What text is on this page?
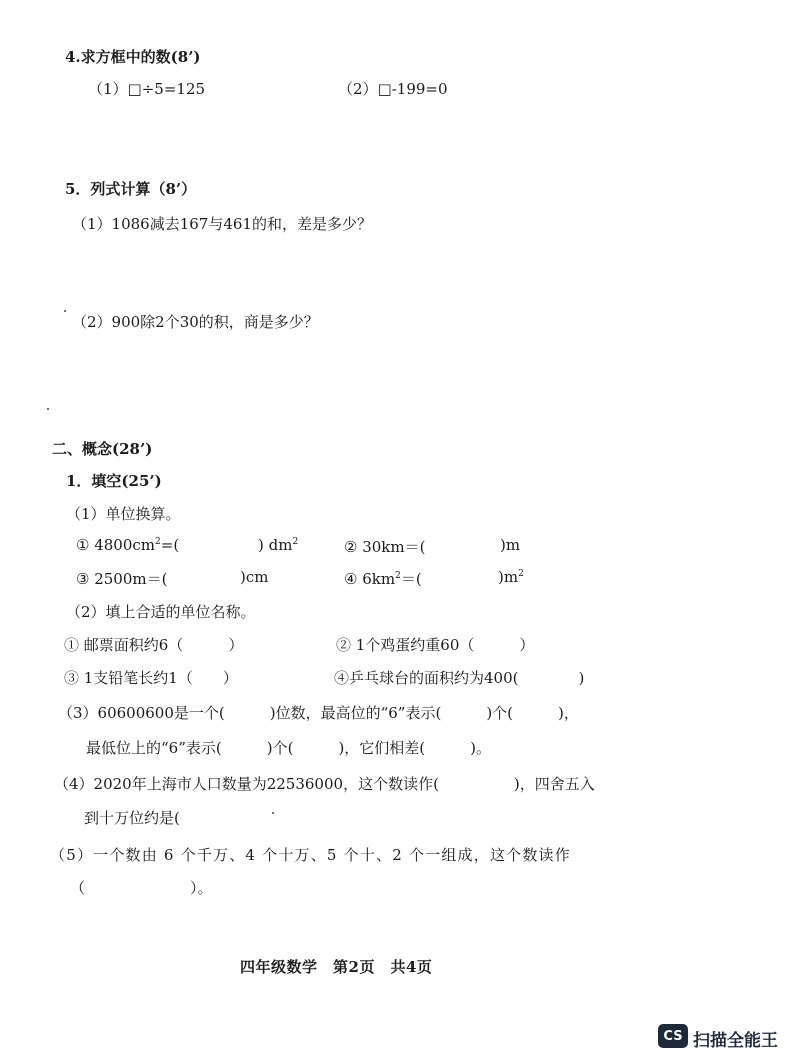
4.求方框中的数(8’)
（1）□÷5=125	（2）□-199=0
5．列式计算（8’）
（1）1086减去167与461的和，差是多少？
（2）900除2个30的积，商是多少？
二、概念(28’)
1．填空(25’)
（1）单位换算。
① $4800cm^2=$(	) $dm^2$	② 30km＝(	)m
③ 2500m＝(	)cm	④ $6km^2=$(	)$m^2$
（2）填上合适的单位名称。
① 邮票面积约6（　　　）	② 1个鸡蛋约重60（　　　）
③ 1支铅笔长约1（　　）	④乒乓球台的面积约为400(　　　　)
（3）60600600是一个(　　　)位数，最高位的“6”表示(　　　)个(　　　)，
最低位上的“6”表示(　　　)个(　　　)，它们相差(　　　)。
（4）2020年上海市人口数量为22536000，这个数读作(　　　　　)，四舍五入
到十万位约是(
（5）一个数由 6 个千万、4 个十万、5 个十、2 个一组成，这个数读作
（　　　　　　　）。
四年级数学　第2页　共4页
CS 扫描全能王
